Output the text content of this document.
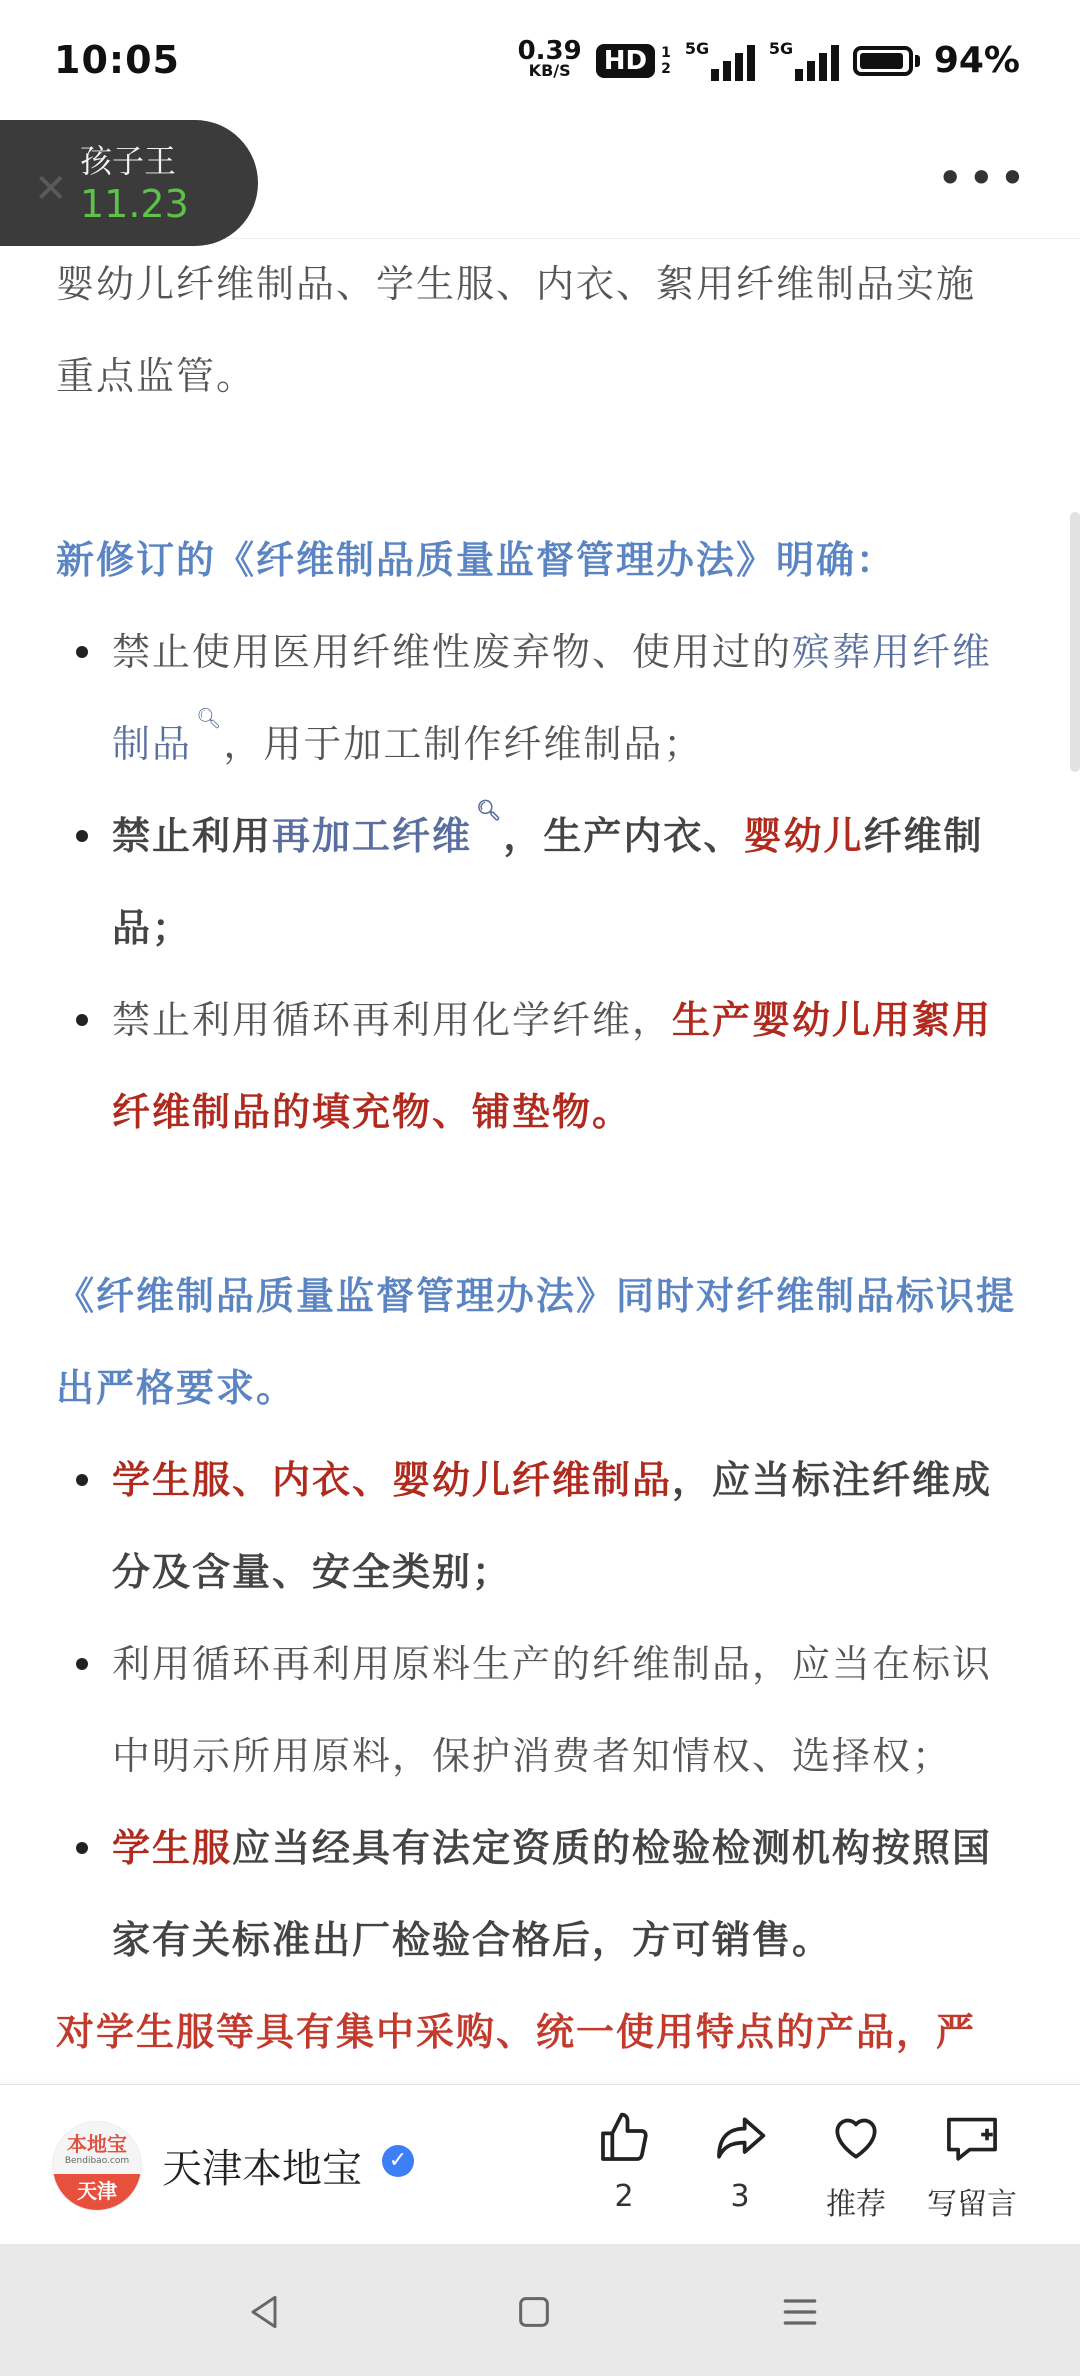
10:05	0.39
KB/S	HD	1
2
5G	5G	94%
•••
✕
孩子王
11.23
婴幼儿纤维制品、学生服、内衣、絮用纤维制品实施
重点监管。
新修订的《纤维制品质量监督管理办法》明确：
禁止使用医用纤维性废弃物、使用过的殡葬用纤维制品🔍︎，用于加工制作纤维制品；
禁止利用再加工纤维🔍︎，生产内衣、婴幼儿纤维制品；
禁止利用循环再利用化学纤维，生产婴幼儿用絮用纤维制品的填充物、铺垫物。
《纤维制品质量监督管理办法》同时对纤维制品标识提出严格要求。
学生服、内衣、婴幼儿纤维制品，应当标注纤维成分及含量、安全类别；
利用循环再利用原料生产的纤维制品，应当在标识中明示所用原料，保护消费者知情权、选择权；
学生服应当经具有法定资质的检验检测机构按照国家有关标准出厂检验合格后，方可销售。
对学生服等具有集中采购、统一使用特点的产品，严
本地宝
Bendibao.com
天津	天津本地宝	✓
2	3	推荐	写留言
